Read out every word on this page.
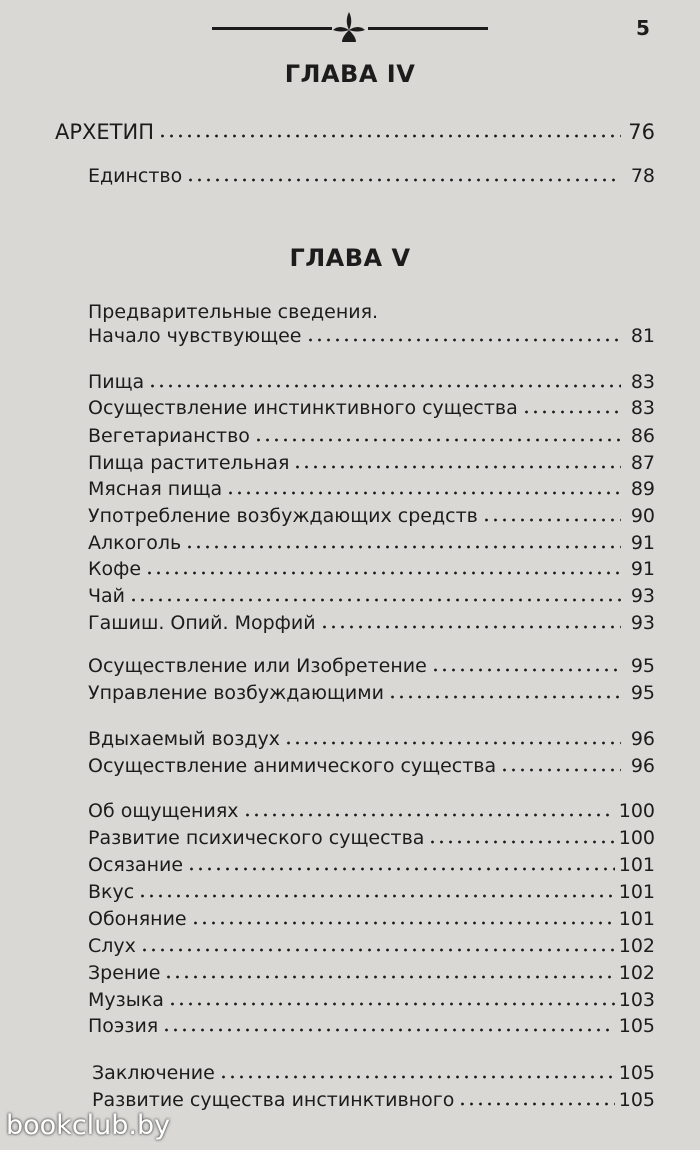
5
ГЛАВА IV
АРХЕТИП	76
Единство	78
ГЛАВА V
Предварительные сведения.
Начало чувствующее	81
Пища	83
Осуществление инстинктивного существа	83
Вегетарианство	86
Пища растительная	87
Мясная пища	89
Употребление возбуждающих средств	90
Алкоголь	91
Кофе	91
Чай	93
Гашиш. Опий. Морфий	93
Осуществление или Изобретение	95
Управление возбуждающими	95
Вдыхаемый воздух	96
Осуществление анимического существа	96
Об ощущениях	100
Развитие психического существа	100
Осязание	101
Вкус	101
Обоняние	101
Слух	102
Зрение	102
Музыка	103
Поэзия	105
Заключение	105
Развитие существа инстинктивного	105
bookclub.by
